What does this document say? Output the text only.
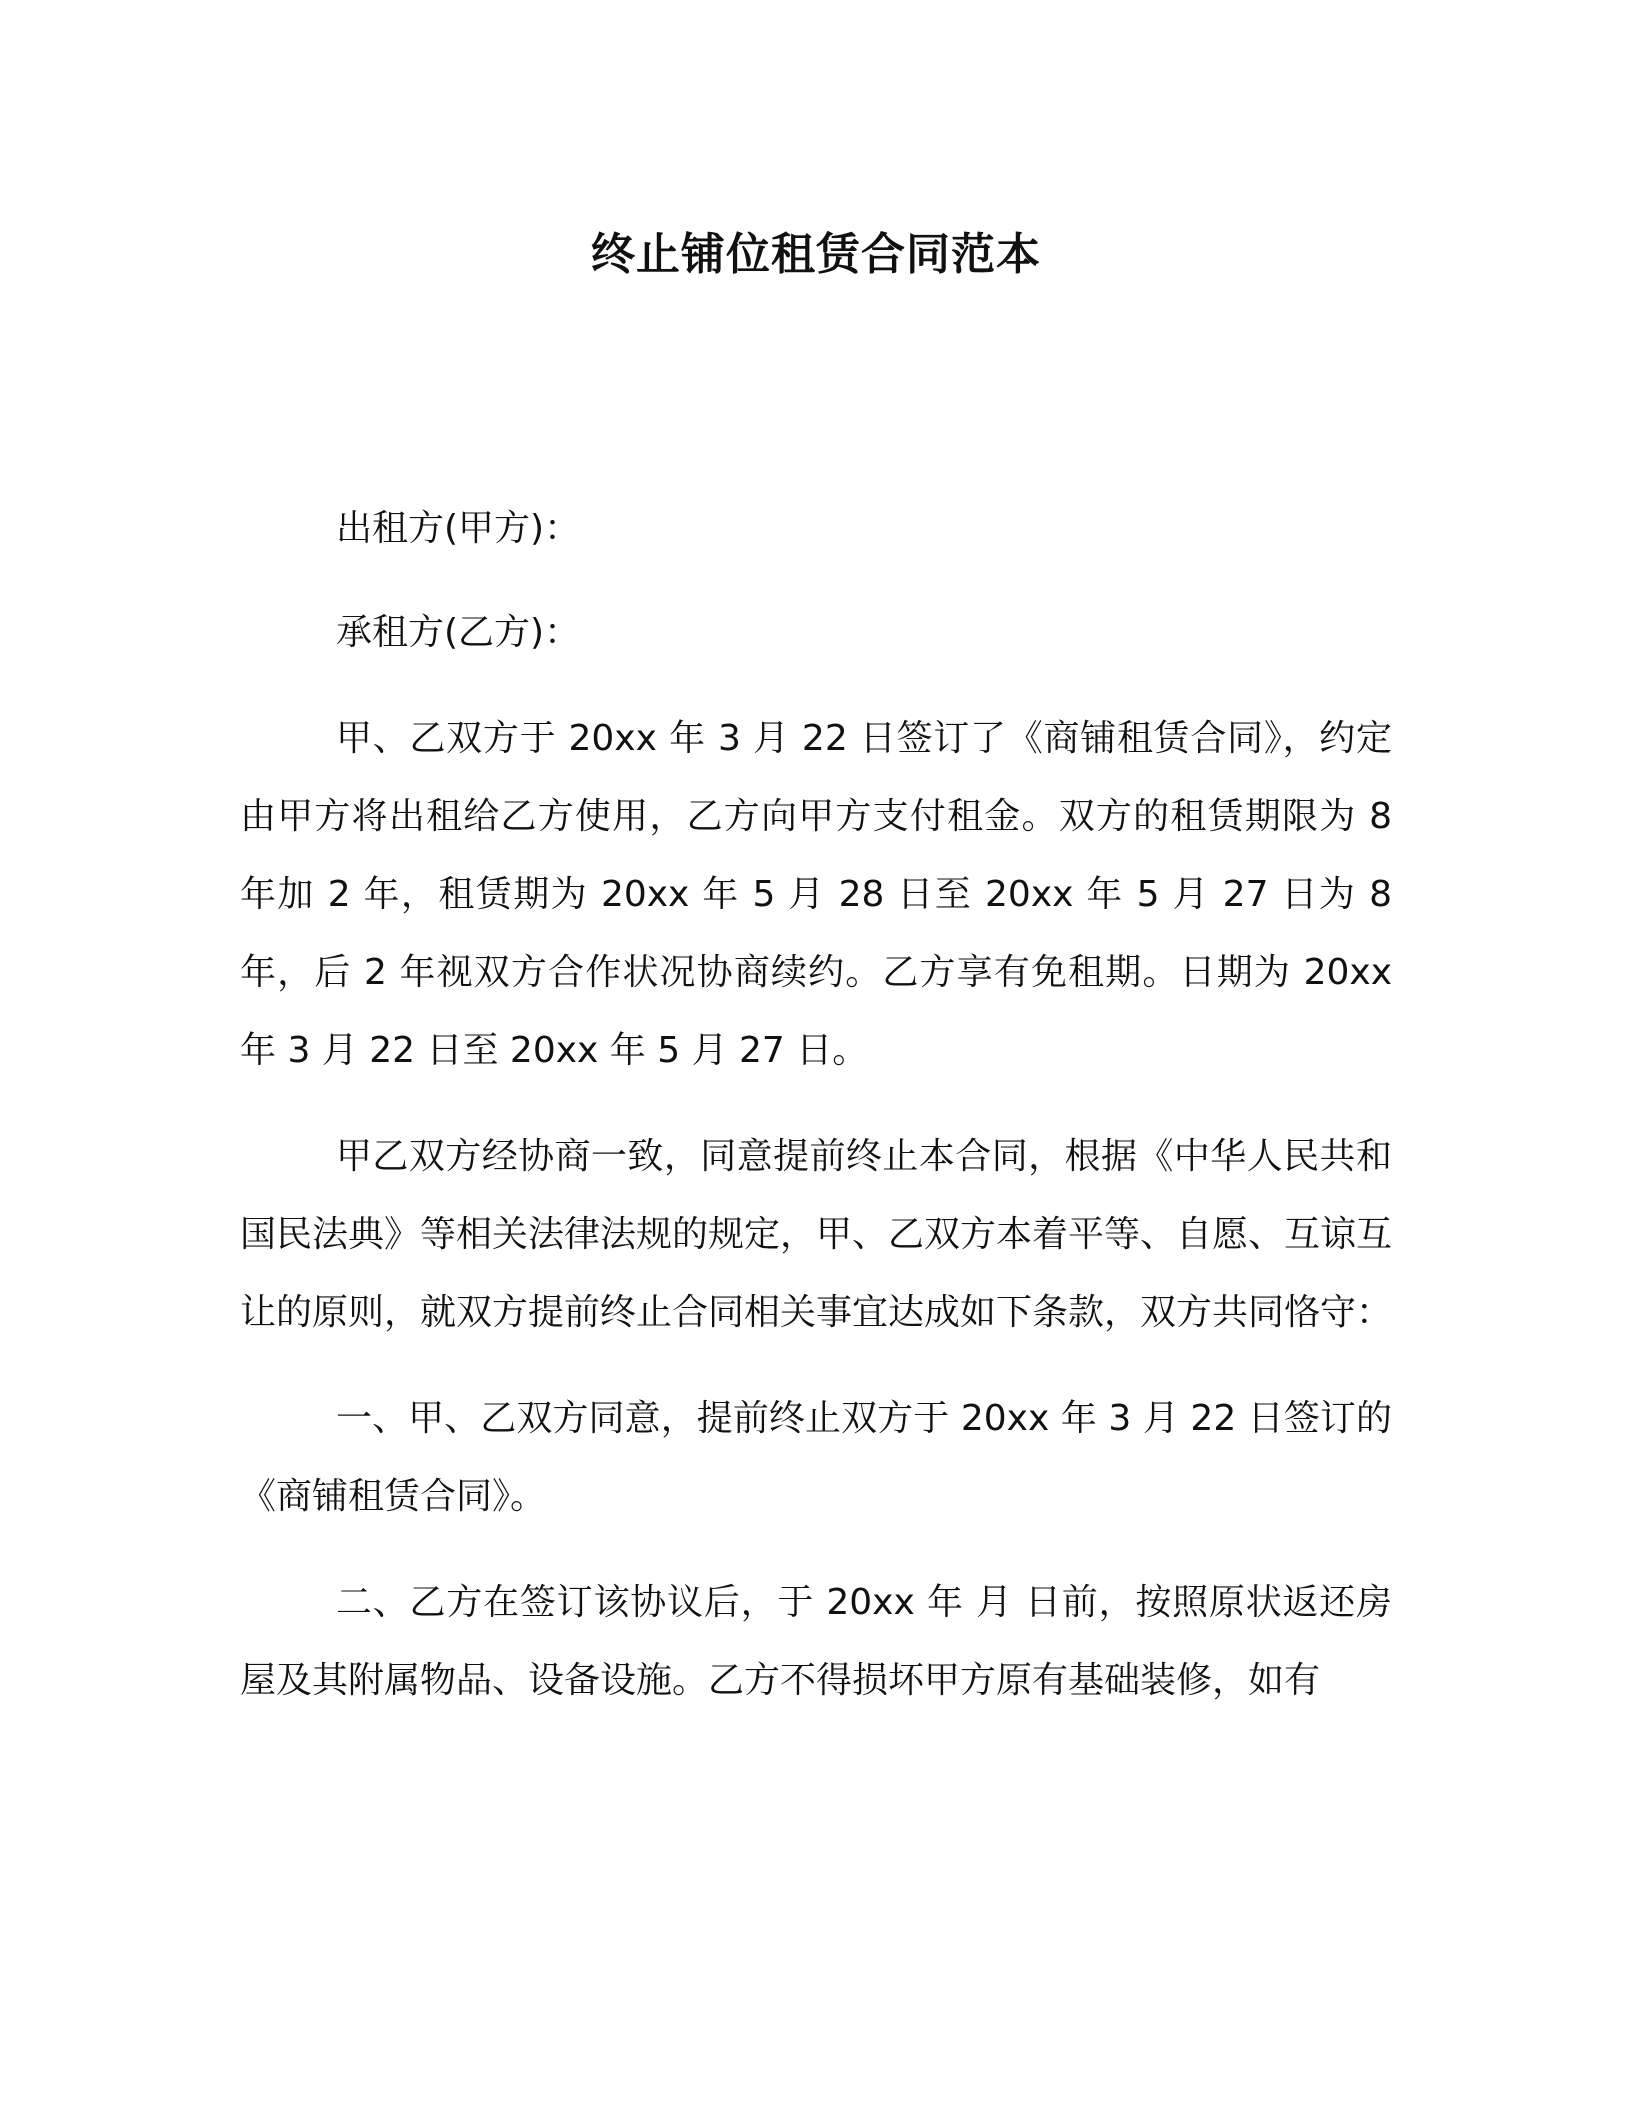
终止铺位租赁合同范本

出租方(甲方)：

承租方(乙方)：

甲、乙双方于 20xx 年 3 月 22 日签订了《商铺租赁合同》，约定由甲方将出租给乙方使用，乙方向甲方支付租金。双方的租赁期限为 8 年加 2 年，租赁期为 20xx 年 5 月 28 日至 20xx 年 5 月 27 日为 8 年，后 2 年视双方合作状况协商续约。乙方享有免租期。日期为 20xx 年 3 月 22 日至 20xx 年 5 月 27 日。

甲乙双方经协商一致，同意提前终止本合同，根据《中华人民共和国民法典》等相关法律法规的规定，甲、乙双方本着平等、自愿、互谅互让的原则，就双方提前终止合同相关事宜达成如下条款，双方共同恪守：

一、甲、乙双方同意，提前终止双方于 20xx 年 3 月 22 日签订的《商铺租赁合同》。

二、乙方在签订该协议后，于 20xx 年 月 日前，按照原状返还房屋及其附属物品、设备设施。乙方不得损坏甲方原有基础装修，如有
